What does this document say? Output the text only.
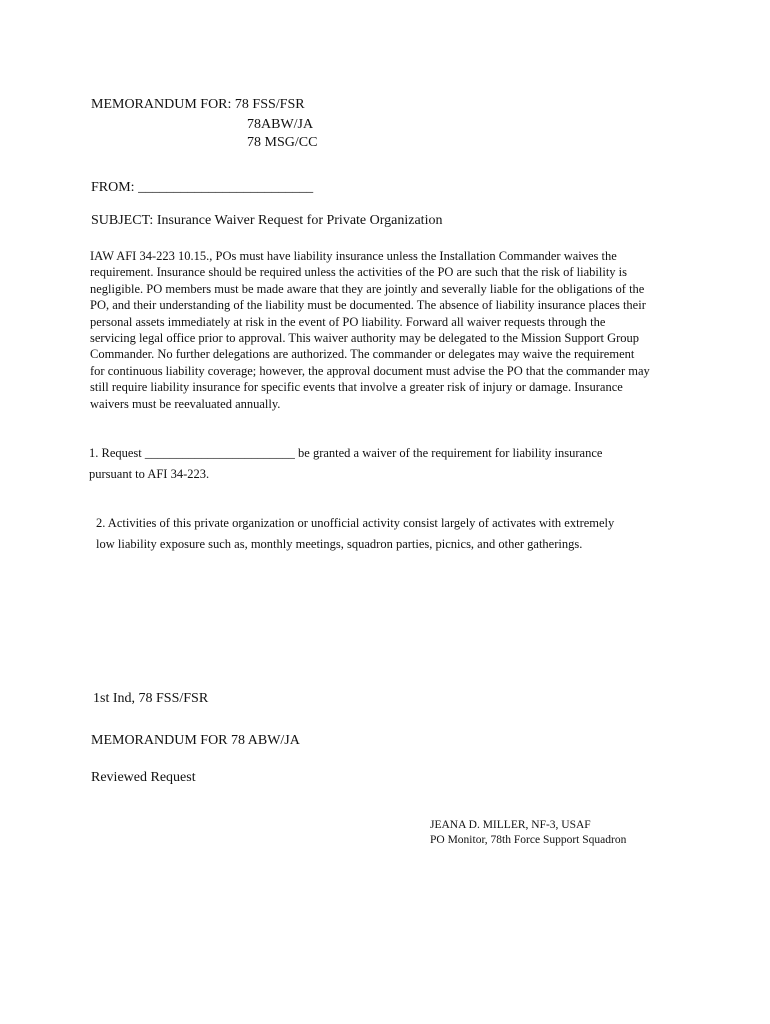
MEMORANDUM FOR: 78 FSS/FSR
78ABW/JA
78 MSG/CC
FROM: _________________________
SUBJECT: Insurance Waiver Request for Private Organization
IAW AFI 34-223 10.15., POs must have liability insurance unless the Installation Commander waives the
requirement. Insurance should be required unless the activities of the PO are such that the risk of liability is
negligible. PO members must be made aware that they are jointly and severally liable for the obligations of the
PO, and their understanding of the liability must be documented. The absence of liability insurance places their
personal assets immediately at risk in the event of PO liability. Forward all waiver requests through the
servicing legal office prior to approval. This waiver authority may be delegated to the Mission Support Group
Commander. No further delegations are authorized. The commander or delegates may waive the requirement
for continuous liability coverage; however, the approval document must advise the PO that the commander may
still require liability insurance for specific events that involve a greater risk of injury or damage. Insurance
waivers must be reevaluated annually.
1. Request ________________________ be granted a waiver of the requirement for liability insurance
pursuant to AFI 34-223.
2. Activities of this private organization or unofficial activity consist largely of activates with extremely
low liability exposure such as, monthly meetings, squadron parties, picnics, and other gatherings.
1st Ind, 78 FSS/FSR
MEMORANDUM FOR 78 ABW/JA
Reviewed Request
JEANA D. MILLER, NF-3, USAF
PO Monitor, 78th Force Support Squadron
